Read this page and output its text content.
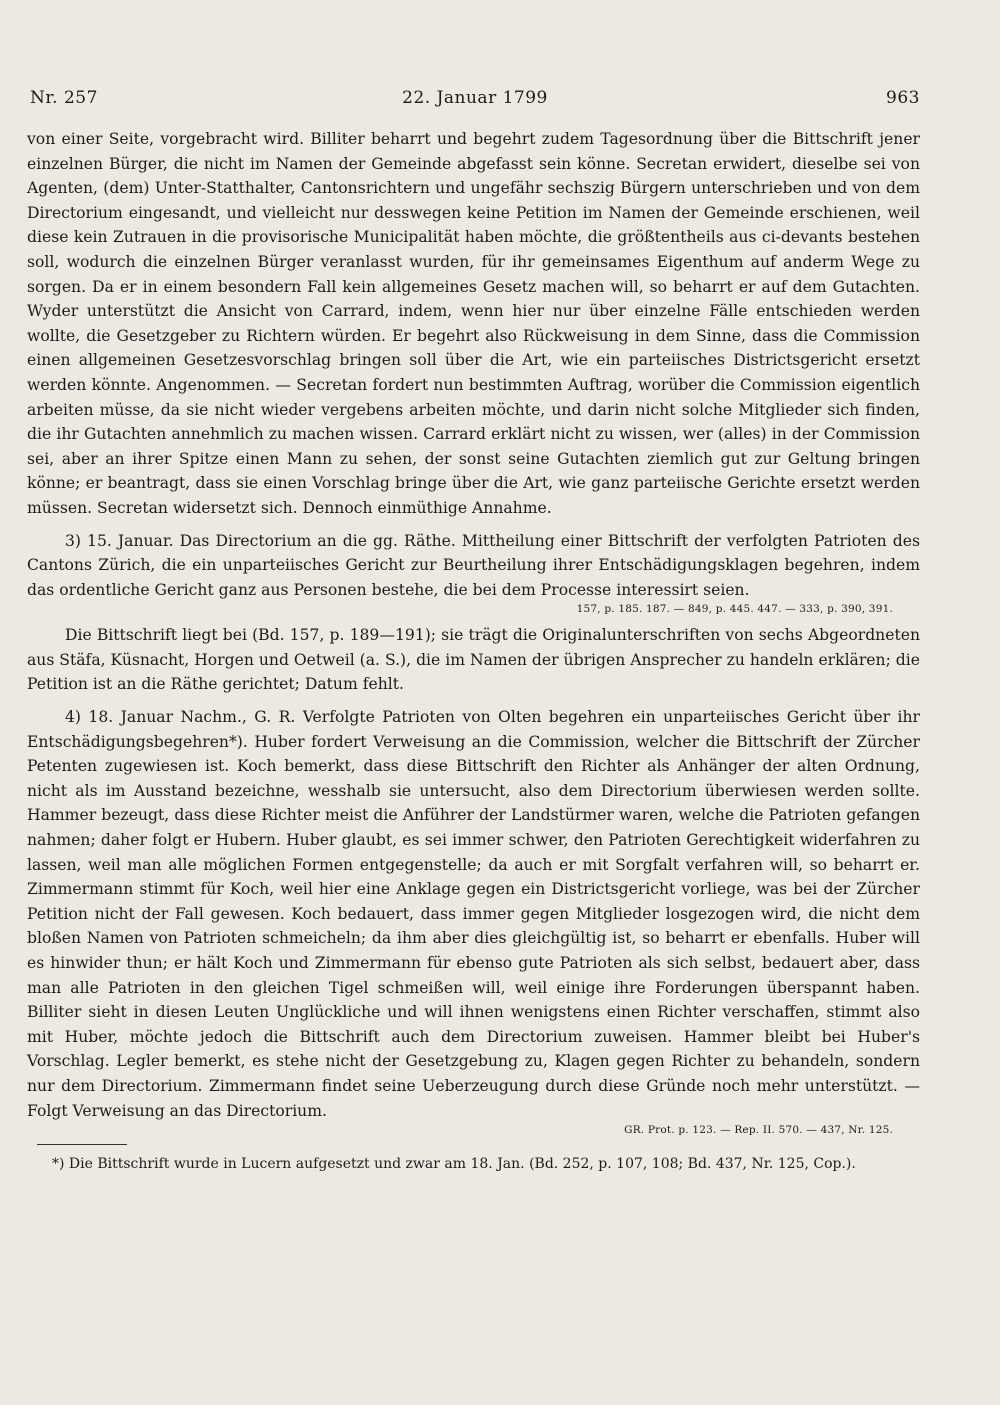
Nr. 257	22. Januar 1799	963

von einer Seite, vorgebracht wird. Billiter beharrt und begehrt zudem Tagesordnung über die Bittschrift jener einzelnen Bürger, die nicht im Namen der Gemeinde abgefasst sein könne. Secretan erwidert, dieselbe sei von Agenten, (dem) Unter-Statthalter, Cantonsrichtern und ungefähr sechszig Bürgern unterschrieben und von dem Directorium eingesandt, und vielleicht nur desswegen keine Petition im Namen der Gemeinde erschienen, weil diese kein Zutrauen in die provisorische Municipalität haben möchte, die größtentheils aus ci-devants bestehen soll, wodurch die einzelnen Bürger veranlasst wurden, für ihr gemeinsames Eigenthum auf anderm Wege zu sorgen. Da er in einem besondern Fall kein allgemeines Gesetz machen will, so beharrt er auf dem Gutachten. Wyder unterstützt die Ansicht von Carrard, indem, wenn hier nur über einzelne Fälle entschieden werden wollte, die Gesetzgeber zu Richtern würden. Er begehrt also Rückweisung in dem Sinne, dass die Commission einen allgemeinen Gesetzesvorschlag bringen soll über die Art, wie ein parteiisches Districtsgericht ersetzt werden könnte. Angenommen. — Secretan fordert nun bestimmten Auftrag, worüber die Commission eigentlich arbeiten müsse, da sie nicht wieder vergebens arbeiten möchte, und darin nicht solche Mitglieder sich finden, die ihr Gutachten annehmlich zu machen wissen. Carrard erklärt nicht zu wissen, wer (alles) in der Commission sei, aber an ihrer Spitze einen Mann zu sehen, der sonst seine Gutachten ziemlich gut zur Geltung bringen könne; er beantragt, dass sie einen Vorschlag bringe über die Art, wie ganz parteiische Gerichte ersetzt werden müssen. Secretan widersetzt sich. Dennoch einmüthige Annahme.

3) 15. Januar. Das Directorium an die gg. Räthe. Mittheilung einer Bittschrift der verfolgten Patrioten des Cantons Zürich, die ein unparteiisches Gericht zur Beurtheilung ihrer Entschädigungsklagen begehren, indem das ordentliche Gericht ganz aus Personen bestehe, die bei dem Processe interessirt seien.

157, p. 185. 187. — 849, p. 445. 447. — 333, p. 390, 391.

Die Bittschrift liegt bei (Bd. 157, p. 189—191); sie trägt die Originalunterschriften von sechs Abgeordneten aus Stäfa, Küsnacht, Horgen und Oetweil (a. S.), die im Namen der übrigen Ansprecher zu handeln erklären; die Petition ist an die Räthe gerichtet; Datum fehlt.

4) 18. Januar Nachm., G. R. Verfolgte Patrioten von Olten begehren ein unparteiisches Gericht über ihr Entschädigungsbegehren*). Huber fordert Verweisung an die Commission, welcher die Bittschrift der Zürcher Petenten zugewiesen ist. Koch bemerkt, dass diese Bittschrift den Richter als Anhänger der alten Ordnung, nicht als im Ausstand bezeichne, wesshalb sie untersucht, also dem Directorium überwiesen werden sollte. Hammer bezeugt, dass diese Richter meist die Anführer der Landstürmer waren, welche die Patrioten gefangen nahmen; daher folgt er Hubern. Huber glaubt, es sei immer schwer, den Patrioten Gerechtigkeit widerfahren zu lassen, weil man alle möglichen Formen entgegenstelle; da auch er mit Sorgfalt verfahren will, so beharrt er. Zimmermann stimmt für Koch, weil hier eine Anklage gegen ein Districtsgericht vorliege, was bei der Zürcher Petition nicht der Fall gewesen. Koch bedauert, dass immer gegen Mitglieder losgezogen wird, die nicht dem bloßen Namen von Patrioten schmeicheln; da ihm aber dies gleichgültig ist, so beharrt er ebenfalls. Huber will es hinwider thun; er hält Koch und Zimmermann für ebenso gute Patrioten als sich selbst, bedauert aber, dass man alle Patrioten in den gleichen Tigel schmeißen will, weil einige ihre Forderungen überspannt haben. Billiter sieht in diesen Leuten Unglückliche und will ihnen wenigstens einen Richter verschaffen, stimmt also mit Huber, möchte jedoch die Bittschrift auch dem Directorium zuweisen. Hammer bleibt bei Huber's Vorschlag. Legler bemerkt, es stehe nicht der Gesetzgebung zu, Klagen gegen Richter zu behandeln, sondern nur dem Directorium. Zimmermann findet seine Ueberzeugung durch diese Gründe noch mehr unterstützt. — Folgt Verweisung an das Directorium.

GR. Prot. p. 123. — Rep. II. 570. — 437, Nr. 125.

*) Die Bittschrift wurde in Lucern aufgesetzt und zwar am 18. Jan. (Bd. 252, p. 107, 108; Bd. 437, Nr. 125, Cop.).
